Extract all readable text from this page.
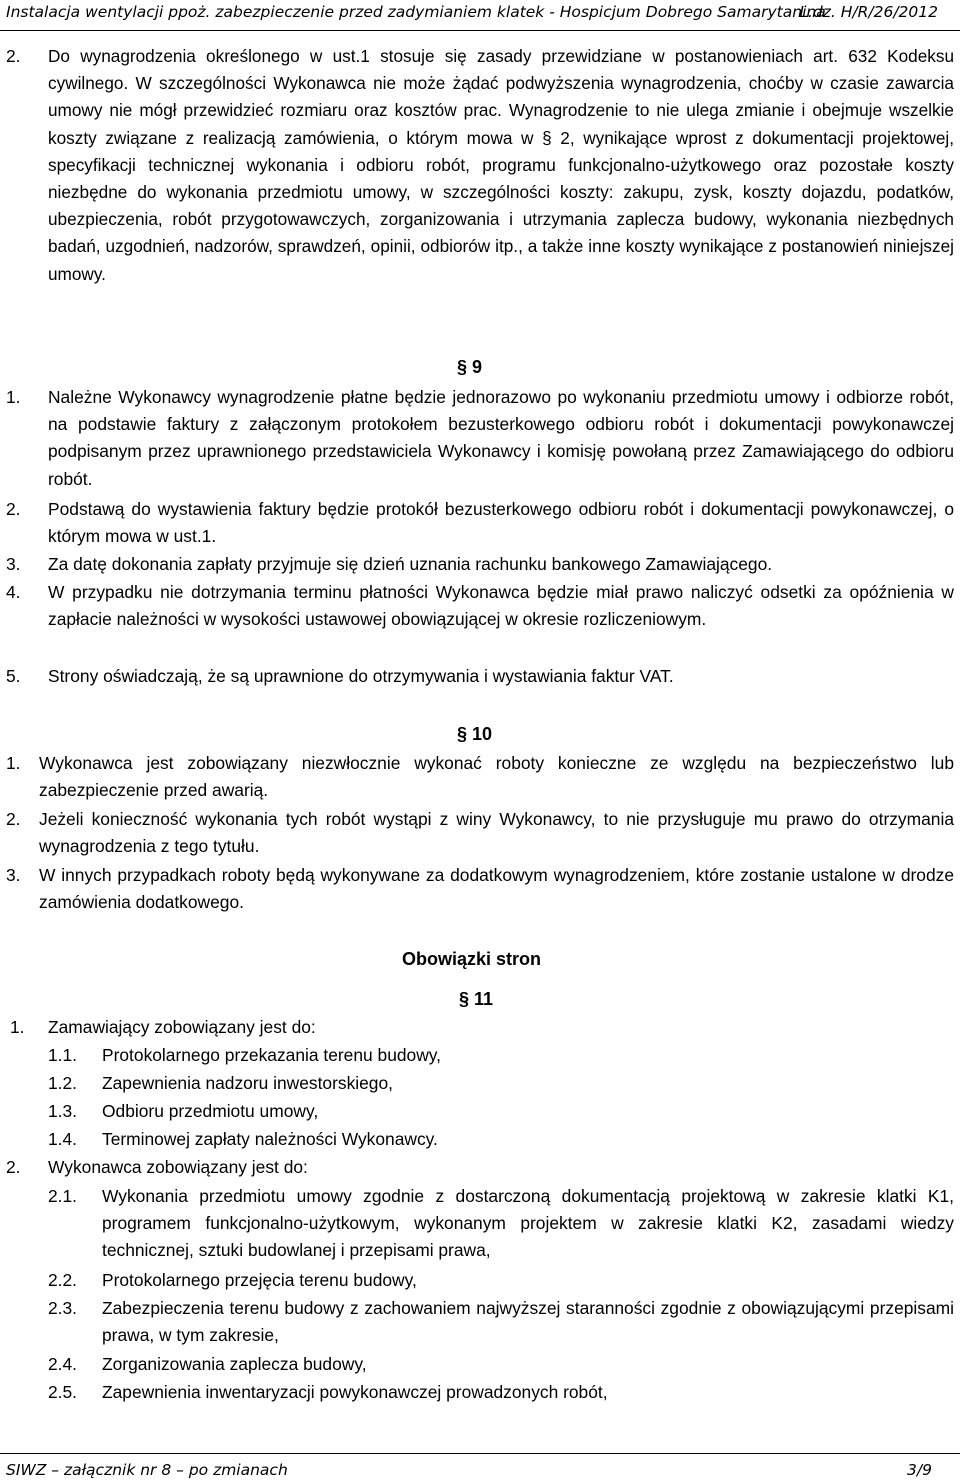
Instalacja wentylacji ppoż. zabezpieczenie przed zadymianiem klatek - Hospicjum Dobrego Samarytanina
L.dz. H/R/26/2012
2. Do wynagrodzenia określonego w ust.1 stosuje się zasady przewidziane w postanowieniach art. 632 Kodeksu cywilnego. W szczególności Wykonawca nie może żądać podwyższenia wynagrodzenia, choćby w czasie zawarcia umowy nie mógł przewidzieć rozmiaru oraz kosztów prac. Wynagrodzenie to nie ulega zmianie i obejmuje wszelkie koszty związane z realizacją zamówienia, o którym mowa w § 2, wynikające wprost z dokumentacji projektowej, specyfikacji technicznej wykonania i odbioru robót, programu funkcjonalno-użytkowego oraz pozostałe koszty niezbędne do wykonania przedmiotu umowy, w szczególności koszty: zakupu, zysk, koszty dojazdu, podatków, ubezpieczenia, robót przygotowawczych, zorganizowania i utrzymania zaplecza budowy, wykonania niezbędnych badań, uzgodnień, nadzorów, sprawdzeń, opinii, odbiorów itp., a także inne koszty wynikające z postanowień niniejszej umowy.
§ 9
1. Należne Wykonawcy wynagrodzenie płatne będzie jednorazowo po wykonaniu przedmiotu umowy i odbiorze robót, na podstawie faktury z załączonym protokołem bezusterkowego odbioru robót i dokumentacji powykonawczej podpisanym przez uprawnionego przedstawiciela Wykonawcy i komisję powołaną przez Zamawiającego do odbioru robót.
2. Podstawą do wystawienia faktury będzie protokół bezusterkowego odbioru robót i dokumentacji powykonawczej, o którym mowa w ust.1.
3. Za datę dokonania zapłaty przyjmuje się dzień uznania rachunku bankowego Zamawiającego.
4. W przypadku nie dotrzymania terminu płatności Wykonawca będzie miał prawo naliczyć odsetki za opóźnienia w zapłacie należności w wysokości ustawowej obowiązującej w okresie rozliczeniowym.
5. Strony oświadczają, że są uprawnione do otrzymywania i wystawiania faktur VAT.
§ 10
1. Wykonawca jest zobowiązany niezwłocznie wykonać roboty konieczne ze względu na bezpieczeństwo lub zabezpieczenie przed awarią.
2. Jeżeli konieczność wykonania tych robót wystąpi z winy Wykonawcy, to nie przysługuje mu prawo do otrzymania wynagrodzenia z tego tytułu.
3. W innych przypadkach roboty będą wykonywane za dodatkowym wynagrodzeniem, które zostanie ustalone w drodze zamówienia dodatkowego.
Obowiązki stron
§ 11
1. Zamawiający zobowiązany jest do:
1.1. Protokolarnego przekazania terenu budowy,
1.2. Zapewnienia nadzoru inwestorskiego,
1.3. Odbioru przedmiotu umowy,
1.4. Terminowej zapłaty należności Wykonawcy.
2. Wykonawca zobowiązany jest do:
2.1. Wykonania przedmiotu umowy zgodnie z dostarczoną dokumentacją projektową w zakresie klatki K1, programem funkcjonalno-użytkowym, wykonanym projektem w zakresie klatki K2, zasadami wiedzy technicznej, sztuki budowlanej i przepisami prawa,
2.2. Protokolarnego przejęcia terenu budowy,
2.3. Zabezpieczenia terenu budowy z zachowaniem najwyższej staranności zgodnie z obowiązującymi przepisami prawa, w tym zakresie,
2.4. Zorganizowania zaplecza budowy,
2.5. Zapewnienia inwentaryzacji powykonawczej prowadzonych robót,
SIWZ – załącznik nr 8 – po zmianach	3/9
